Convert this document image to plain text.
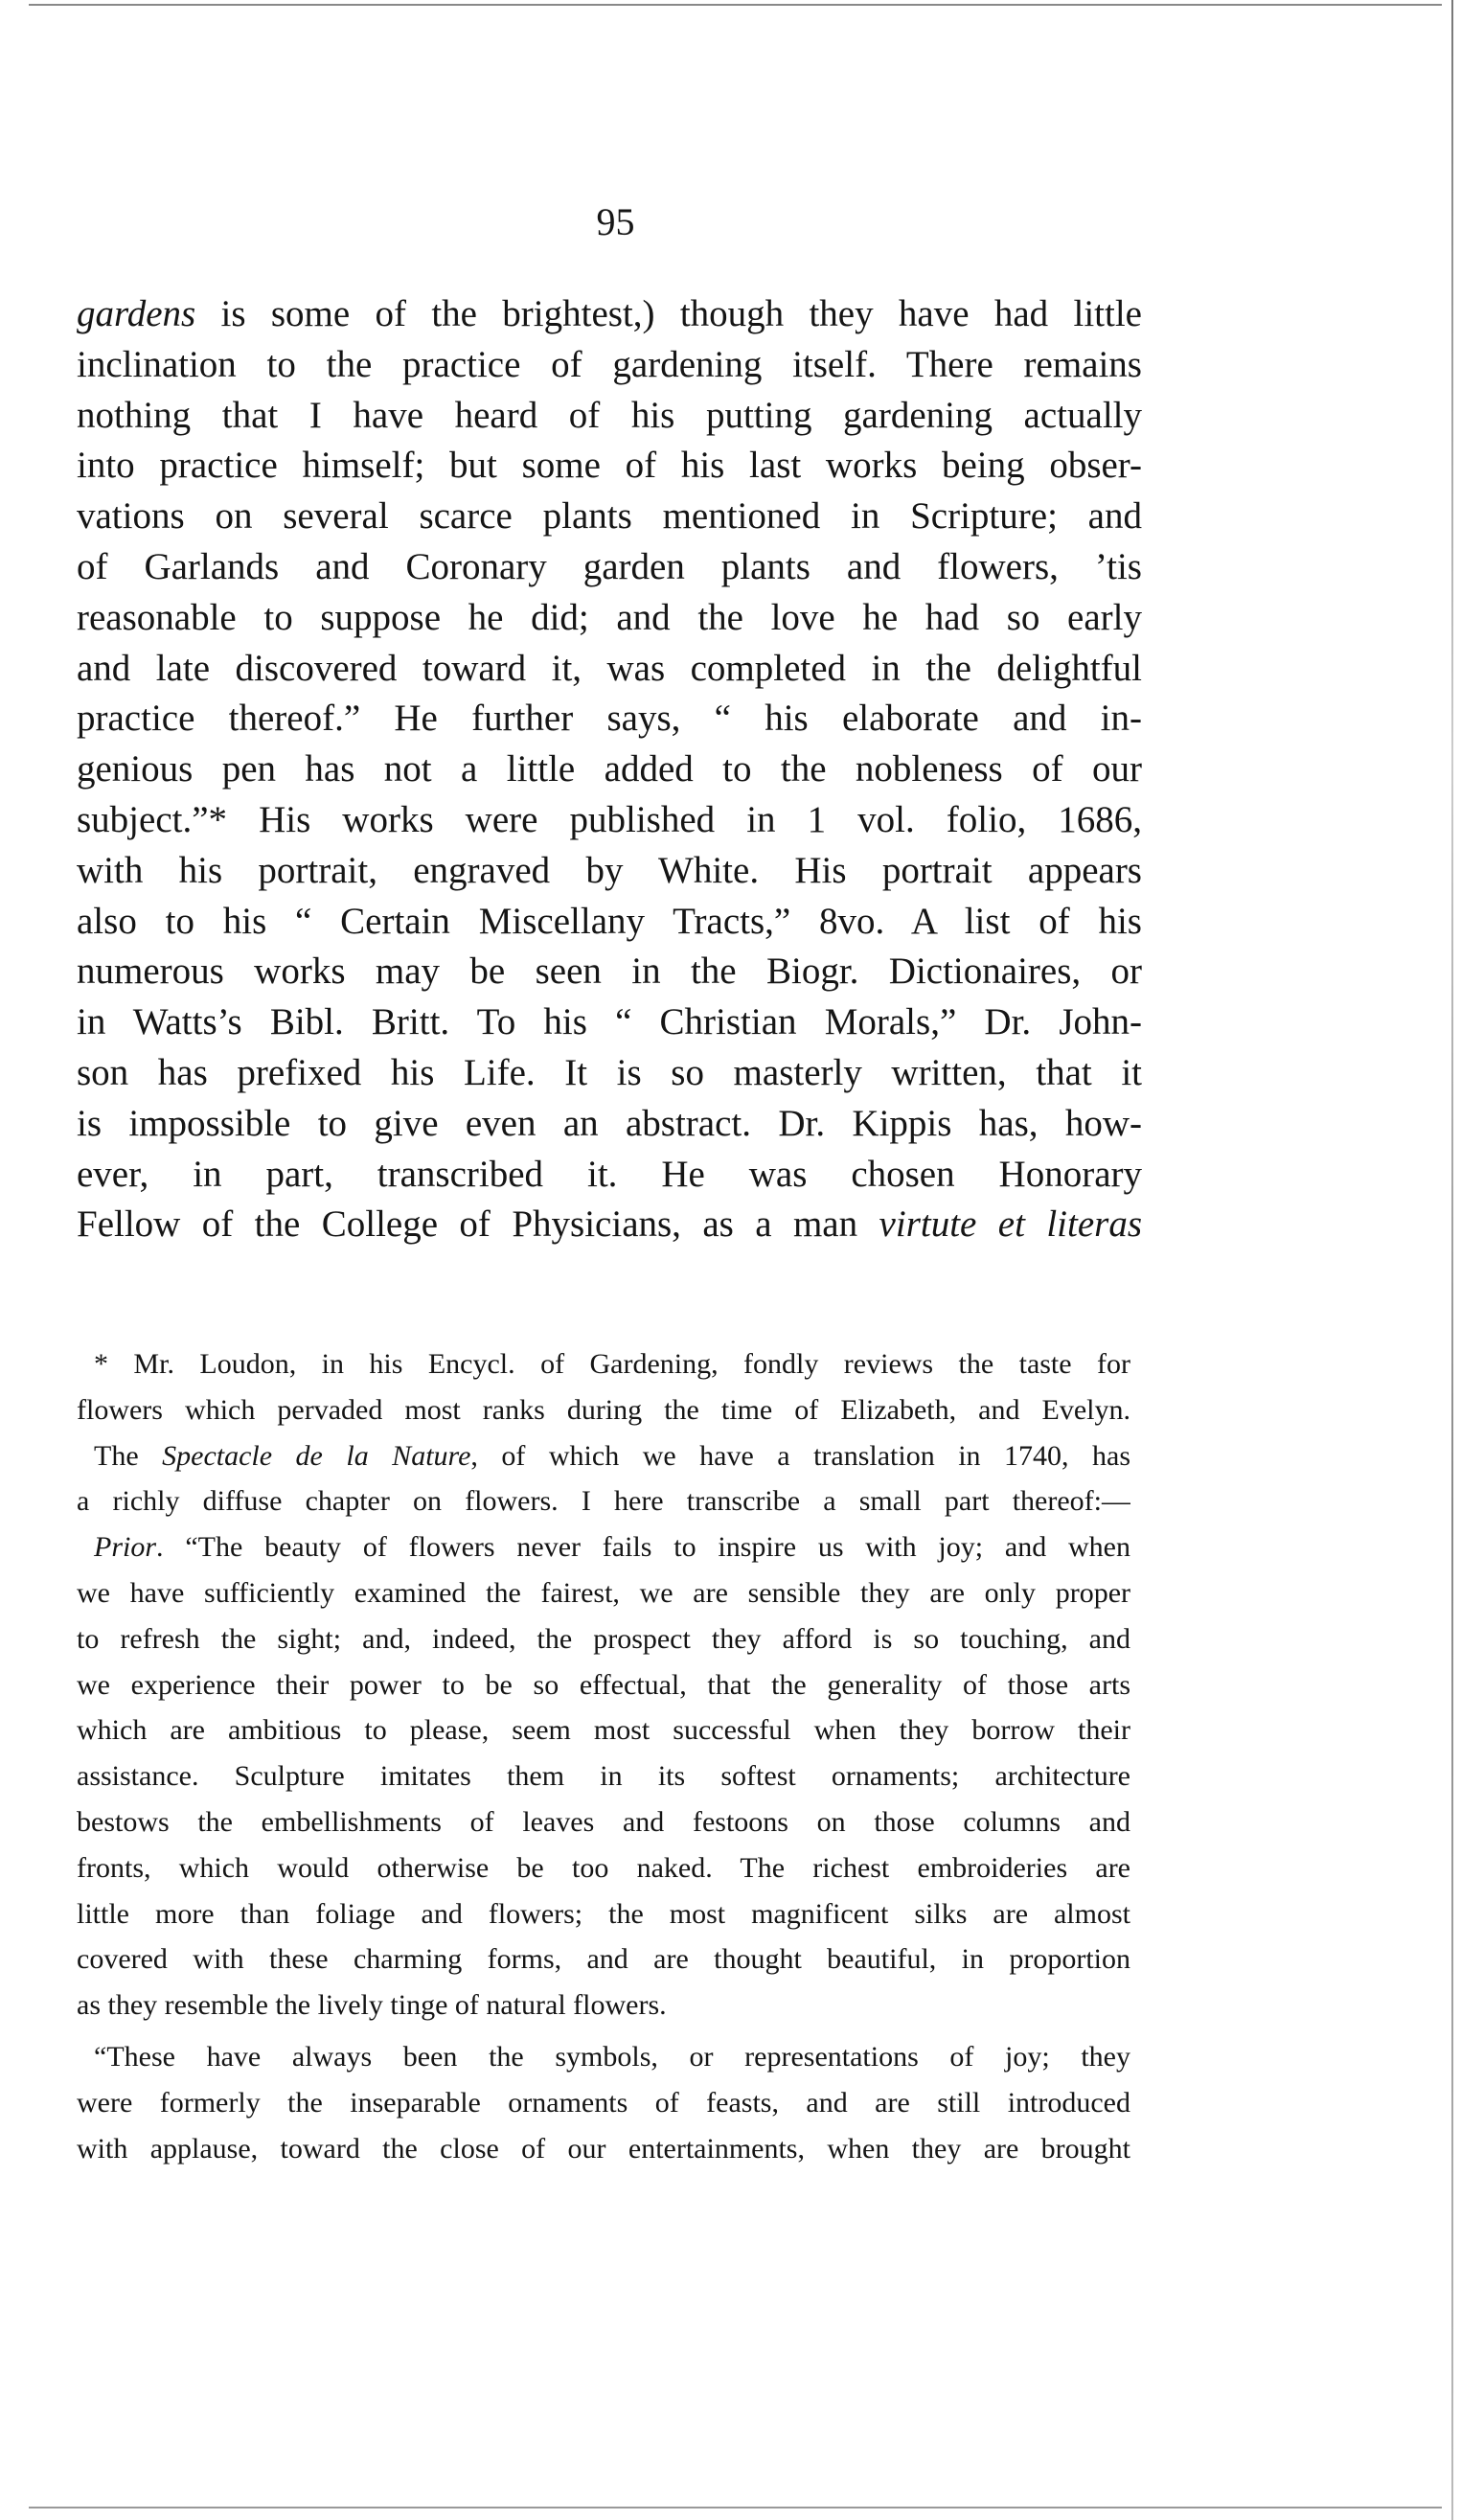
95
gardens is some of the brightest,) though they have had little
inclination to the practice of gardening itself. There remains
nothing that I have heard of his putting gardening actually
into practice himself; but some of his last works being obser-
vations on several scarce plants mentioned in Scripture; and
of Garlands and Coronary garden plants and flowers, ’tis
reasonable to suppose he did; and the love he had so early
and late discovered toward it, was completed in the delightful
practice thereof.” He further says, “ his elaborate and in-
genious pen has not a little added to the nobleness of our
subject.”* His works were published in 1 vol. folio, 1686,
with his portrait, engraved by White. His portrait appears
also to his “ Certain Miscellany Tracts,” 8vo. A list of his
numerous works may be seen in the Biogr. Dictionaires, or
in Watts’s Bibl. Britt. To his “ Christian Morals,” Dr. John-
son has prefixed his Life. It is so masterly written, that it
is impossible to give even an abstract. Dr. Kippis has, how-
ever, in part, transcribed it. He was chosen Honorary
Fellow of the College of Physicians, as a man virtute et literas
* Mr. Loudon, in his Encycl. of Gardening, fondly reviews the taste for
flowers which pervaded most ranks during the time of Elizabeth, and Evelyn.
The Spectacle de la Nature, of which we have a translation in 1740, has
a richly diffuse chapter on flowers. I here transcribe a small part thereof:—
Prior. “The beauty of flowers never fails to inspire us with joy; and when
we have sufficiently examined the fairest, we are sensible they are only proper
to refresh the sight; and, indeed, the prospect they afford is so touching, and
we experience their power to be so effectual, that the generality of those arts
which are ambitious to please, seem most successful when they borrow their
assistance. Sculpture imitates them in its softest ornaments; architecture
bestows the embellishments of leaves and festoons on those columns and
fronts, which would otherwise be too naked. The richest embroideries are
little more than foliage and flowers; the most magnificent silks are almost
covered with these charming forms, and are thought beautiful, in proportion
as they resemble the lively tinge of natural flowers.
“These have always been the symbols, or representations of joy; they
were formerly the inseparable ornaments of feasts, and are still introduced
with applause, toward the close of our entertainments, when they are brought
